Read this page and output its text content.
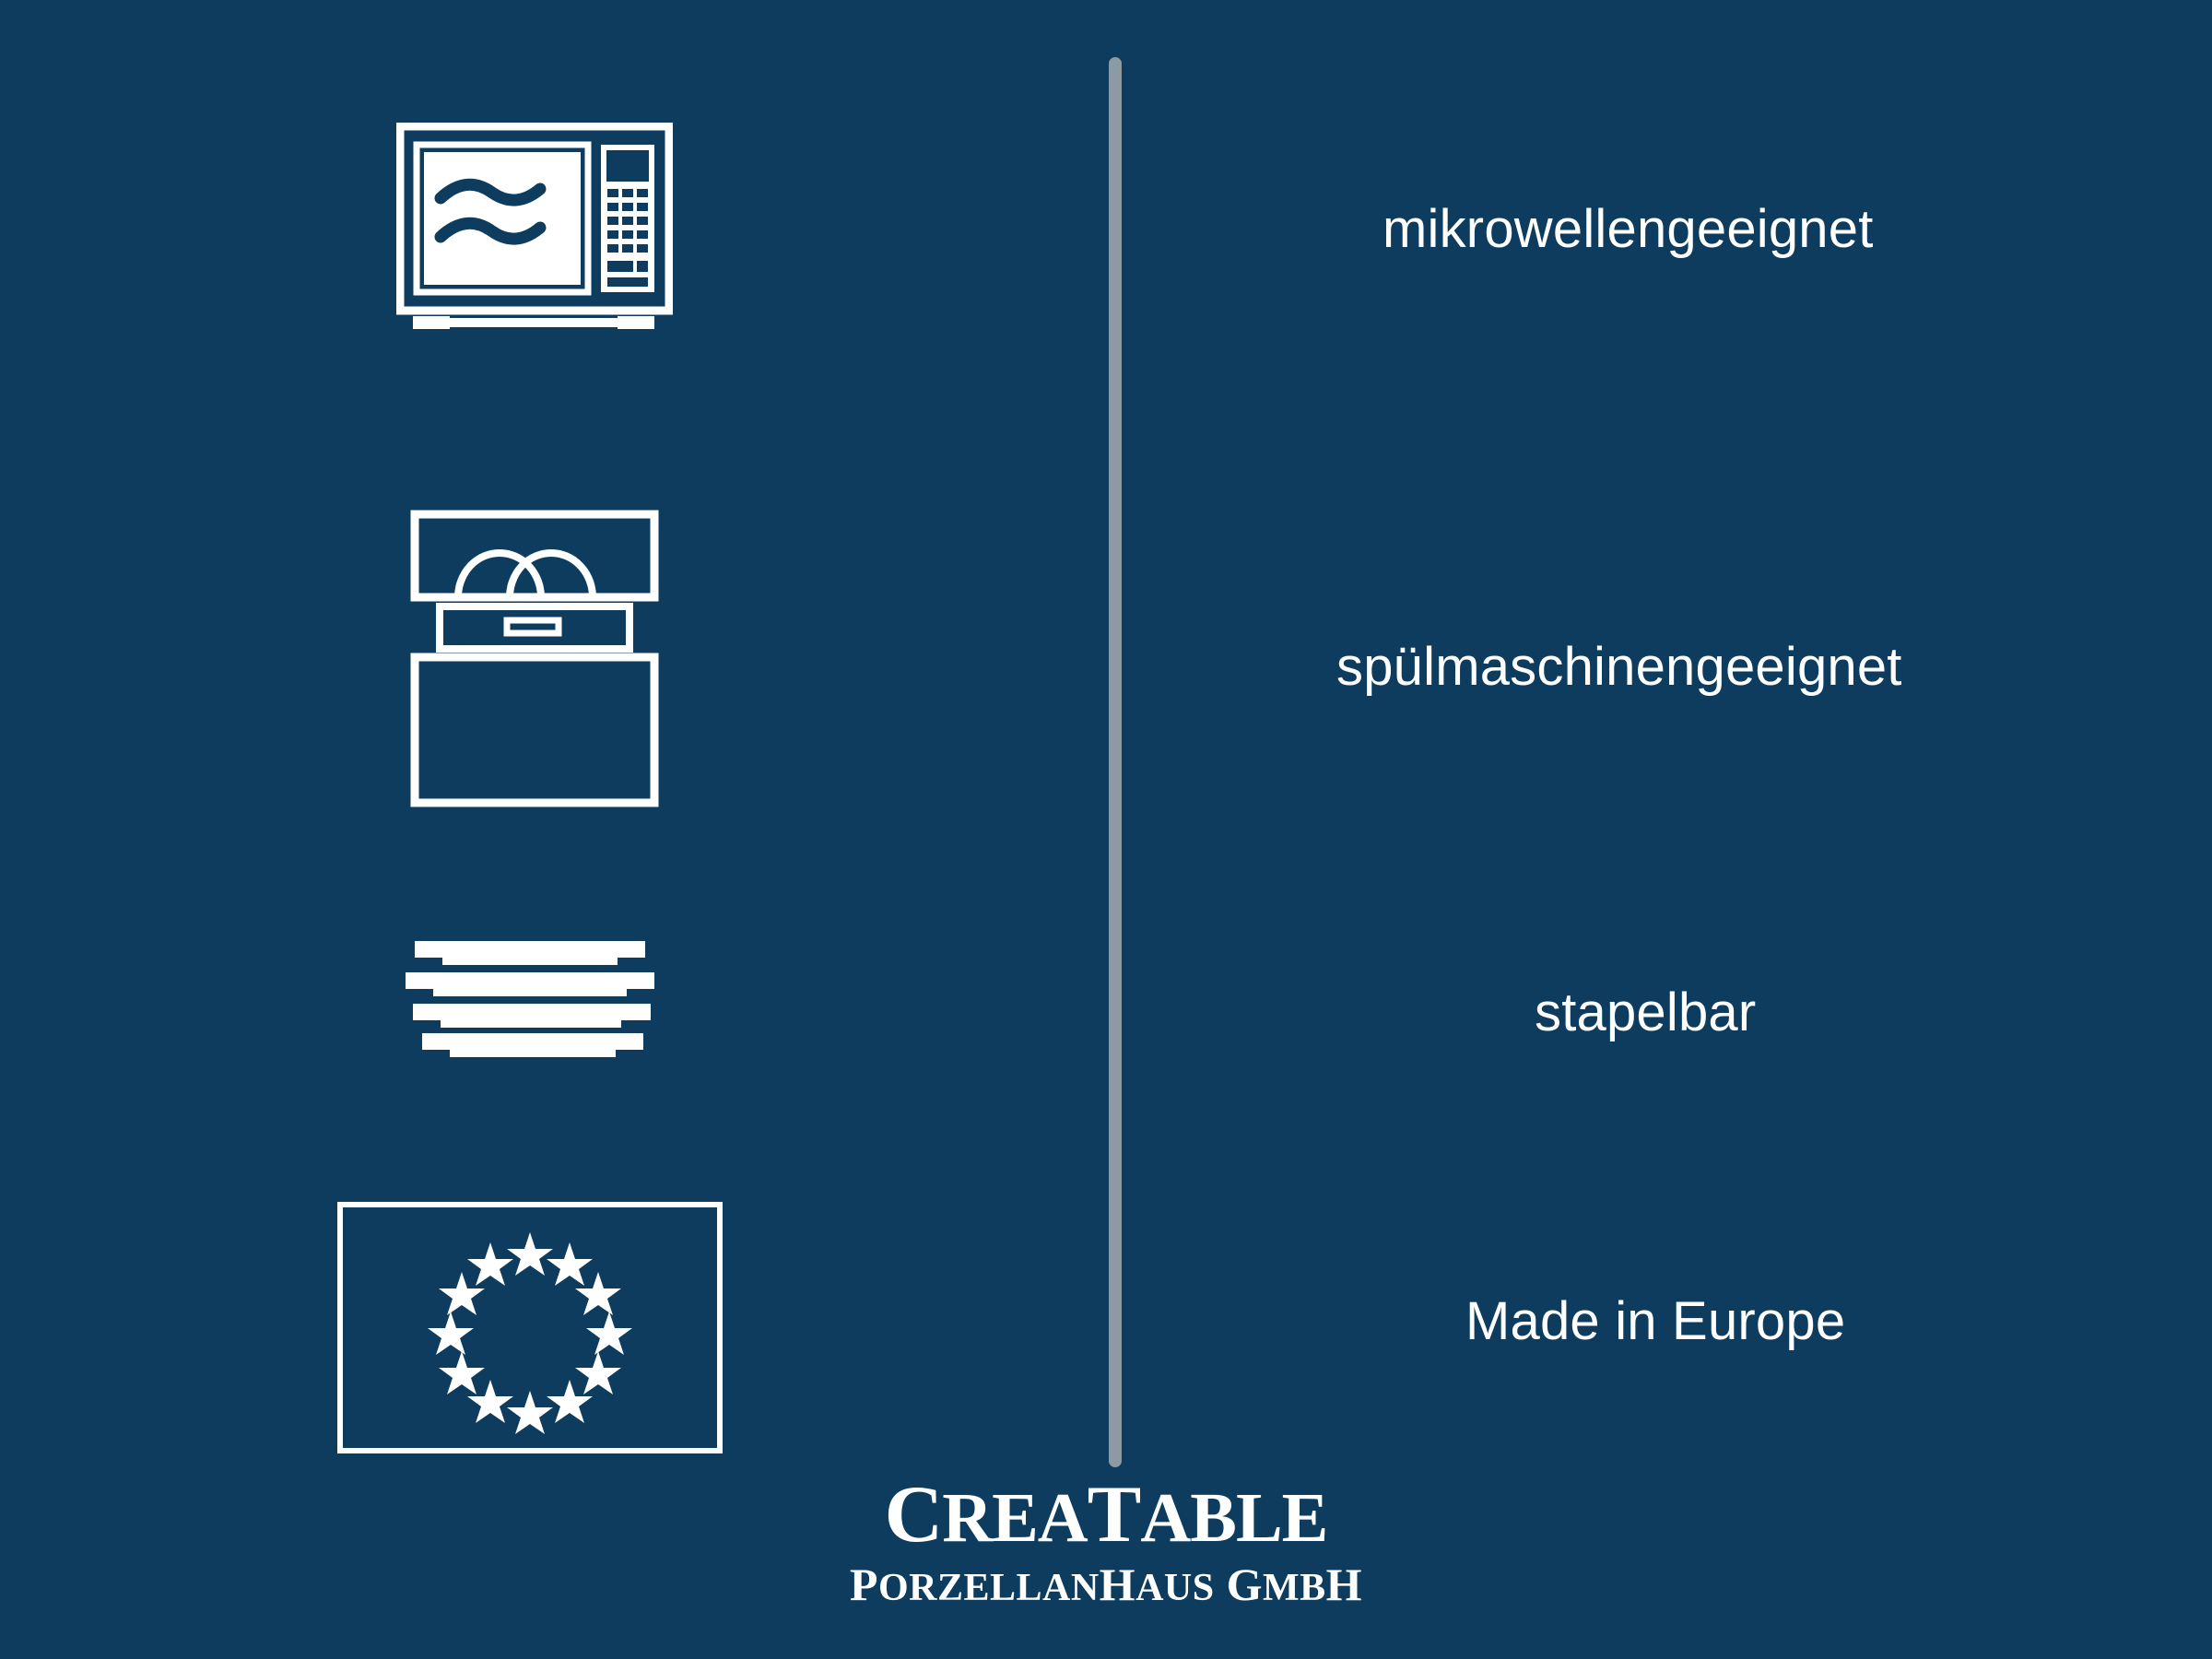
mikrowellengeeignet
spülmaschinengeeignet
stapelbar
Made in Europe
CREATABLE
PORZELLANHAUS GMBH
